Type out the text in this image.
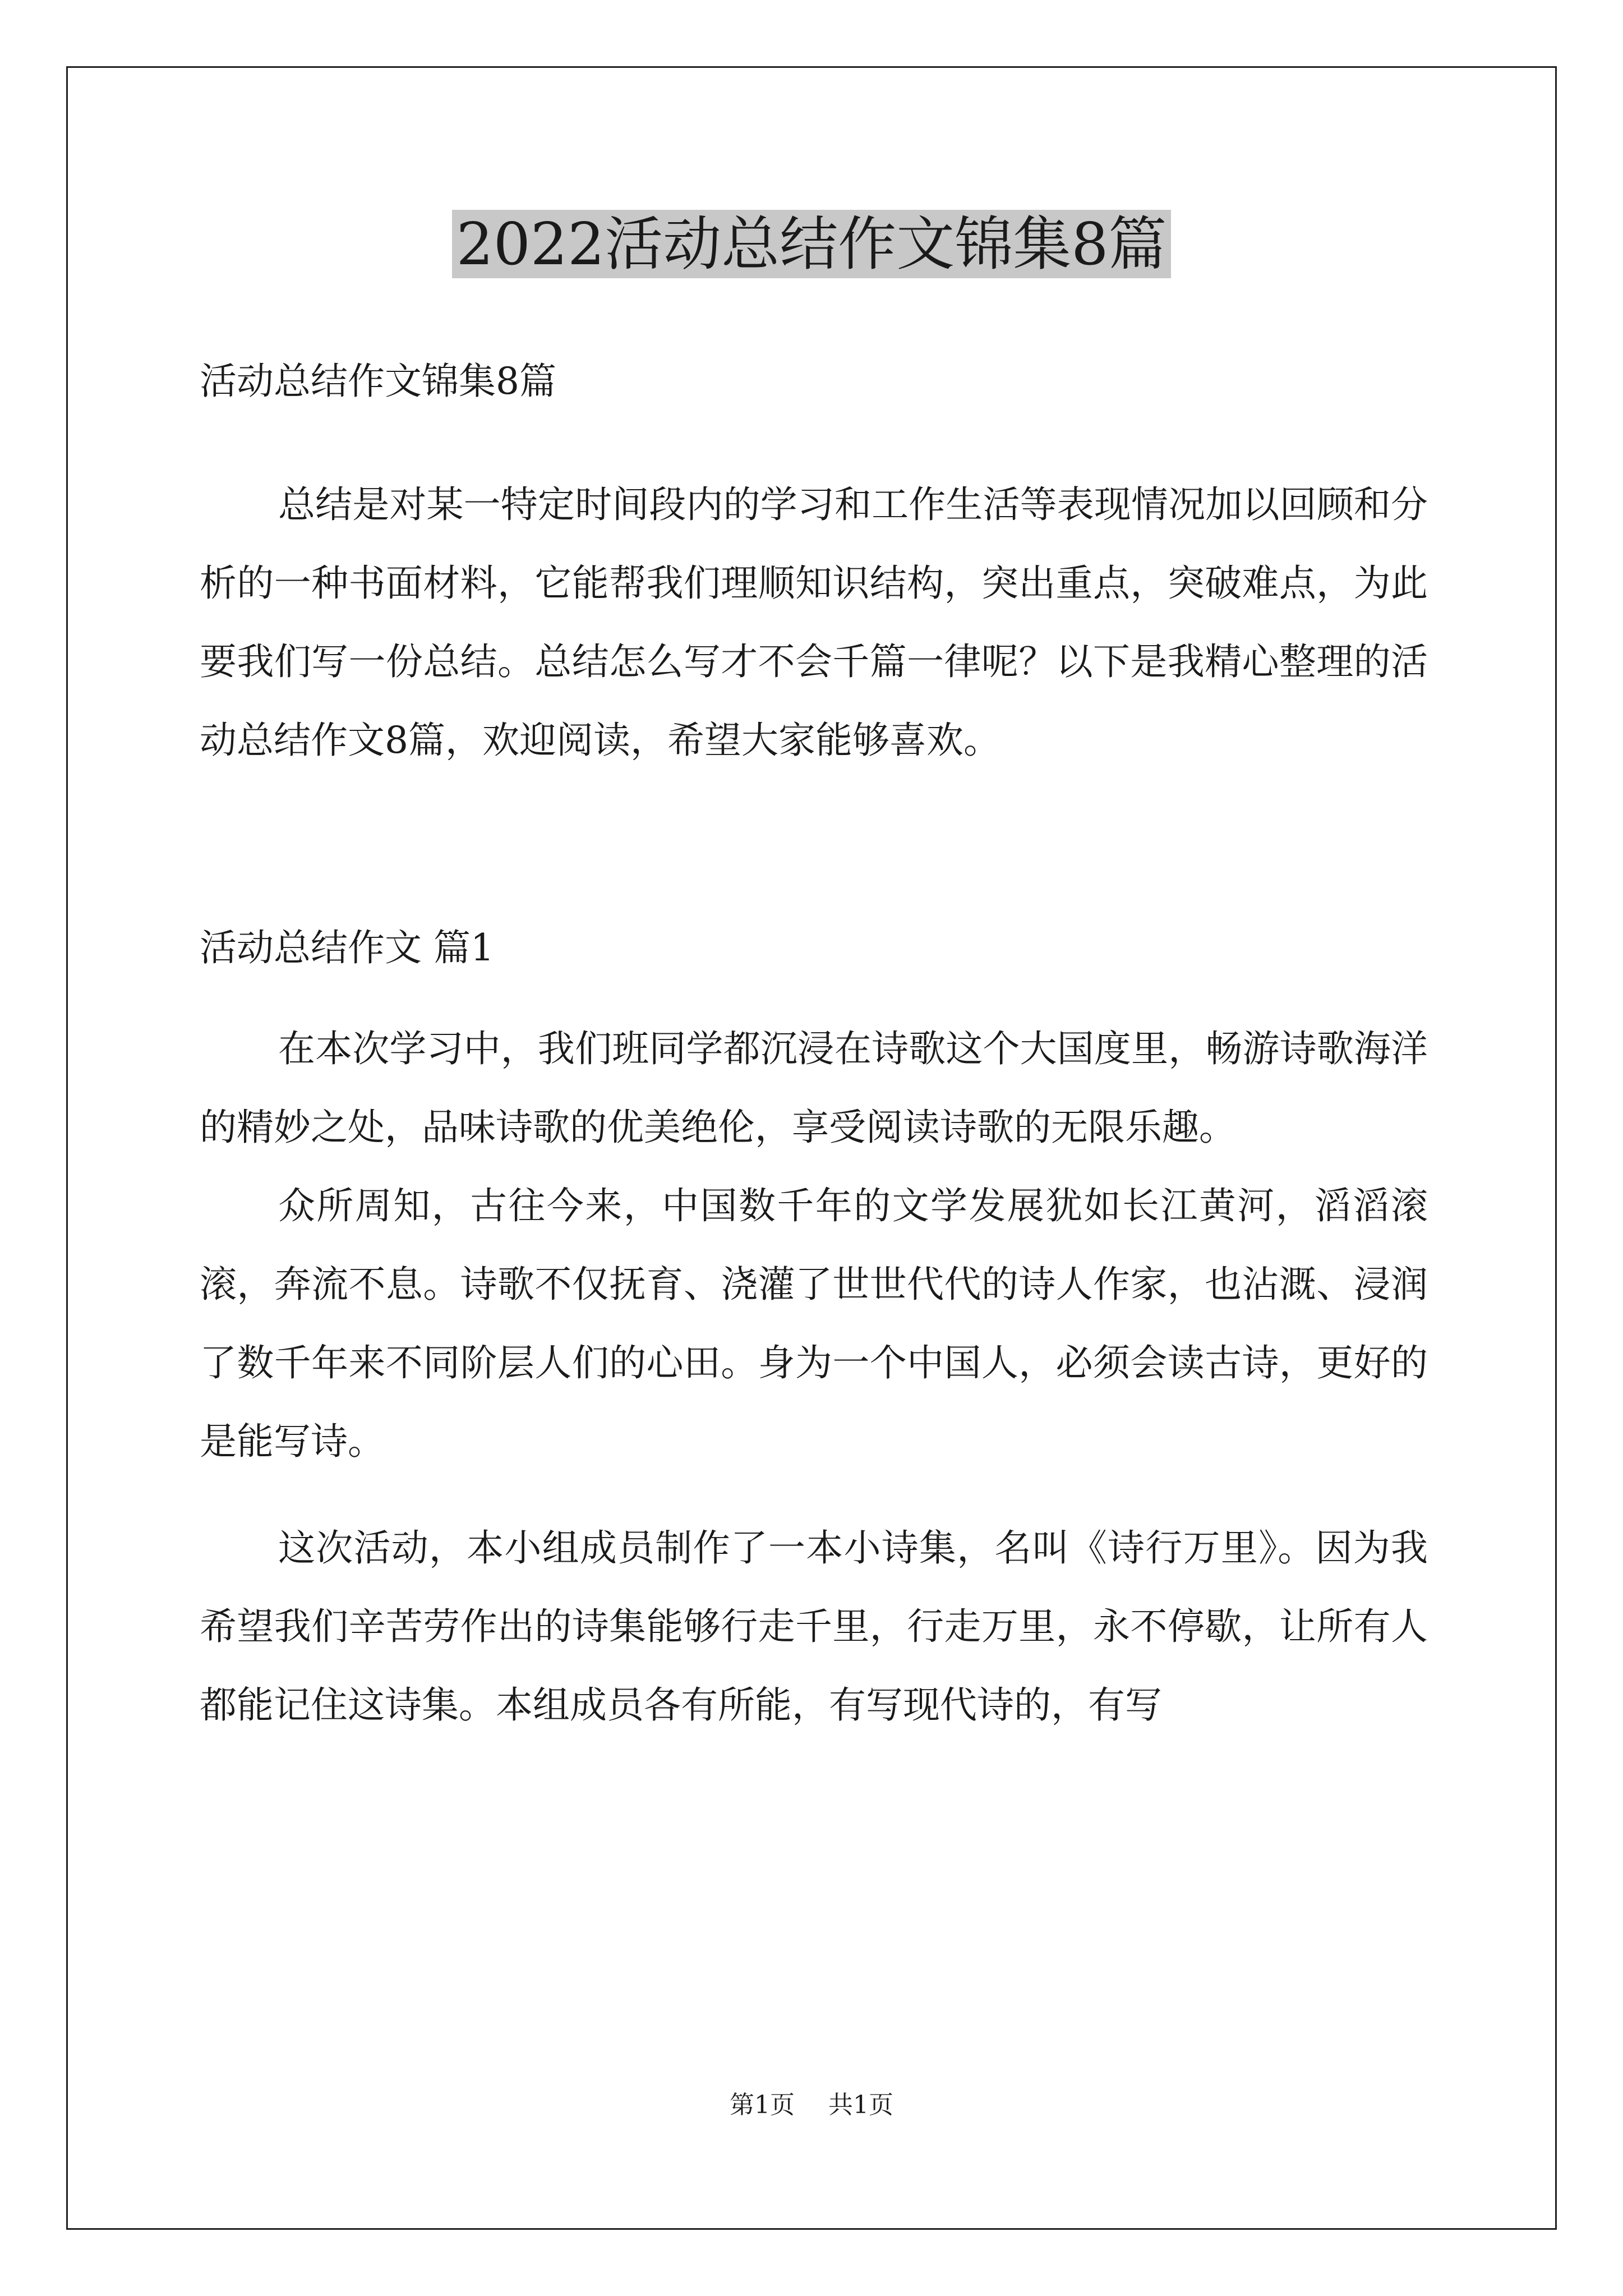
2022活动总结作文锦集8篇

活动总结作文锦集8篇

总结是对某一特定时间段内的学习和工作生活等表现情况加以回顾和分析的一种书面材料，它能帮我们理顺知识结构，突出重点，突破难点，为此要我们写一份总结。总结怎么写才不会千篇一律呢？以下是我精心整理的活动总结作文8篇，欢迎阅读，希望大家能够喜欢。

活动总结作文 篇1

在本次学习中，我们班同学都沉浸在诗歌这个大国度里，畅游诗歌海洋的精妙之处，品味诗歌的优美绝伦，享受阅读诗歌的无限乐趣。

众所周知，古往今来，中国数千年的文学发展犹如长江黄河，滔滔滚滚，奔流不息。诗歌不仅抚育、浇灌了世世代代的诗人作家，也沾溉、浸润了数千年来不同阶层人们的心田。身为一个中国人，必须会读古诗，更好的是能写诗。

这次活动，本小组成员制作了一本小诗集，名叫《诗行万里》。因为我希望我们辛苦劳作出的诗集能够行走千里，行走万里，永不停歇，让所有人都能记住这诗集。本组成员各有所能，有写现代诗的，有写

第1页 共1页
